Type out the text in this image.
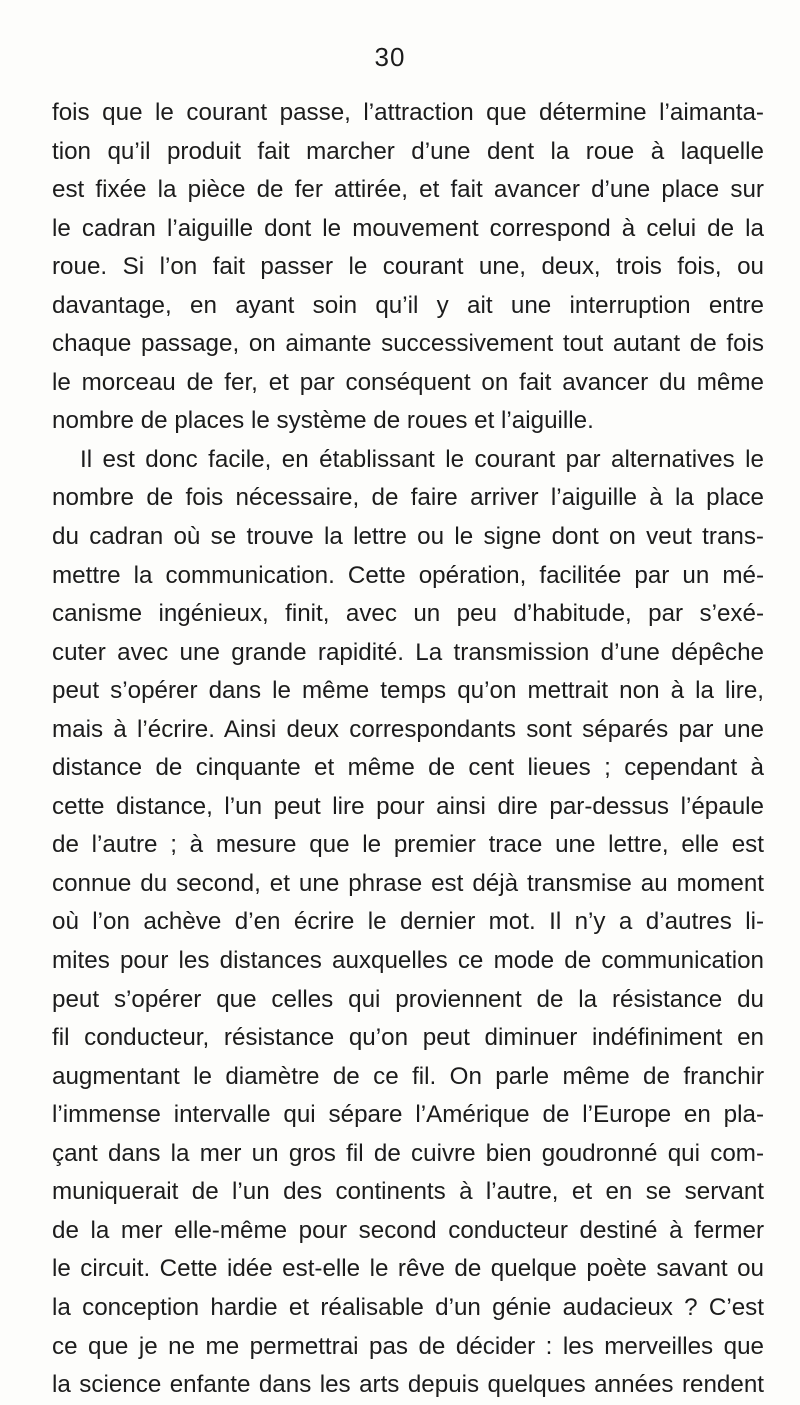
30
fois que le courant passe, l’attraction que détermine l’aimanta-
tion qu’il produit fait marcher d’une dent la roue à laquelle
est fixée la pièce de fer attirée, et fait avancer d’une place sur
le cadran l’aiguille dont le mouvement correspond à celui de la
roue. Si l’on fait passer le courant une, deux, trois fois, ou
davantage, en ayant soin qu’il y ait une interruption entre
chaque passage, on aimante successivement tout autant de fois
le morceau de fer, et par conséquent on fait avancer du même
nombre de places le système de roues et l’aiguille.
Il est donc facile, en établissant le courant par alternatives le
nombre de fois nécessaire, de faire arriver l’aiguille à la place
du cadran où se trouve la lettre ou le signe dont on veut trans-
mettre la communication. Cette opération, facilitée par un mé-
canisme ingénieux, finit, avec un peu d’habitude, par s’exé-
cuter avec une grande rapidité. La transmission d’une dépêche
peut s’opérer dans le même temps qu’on mettrait non à la lire,
mais à l’écrire. Ainsi deux correspondants sont séparés par une
distance de cinquante et même de cent lieues ; cependant à
cette distance, l’un peut lire pour ainsi dire par-dessus l’épaule
de l’autre ; à mesure que le premier trace une lettre, elle est
connue du second, et une phrase est déjà transmise au moment
où l’on achève d’en écrire le dernier mot. Il n’y a d’autres li-
mites pour les distances auxquelles ce mode de communication
peut s’opérer que celles qui proviennent de la résistance du
fil conducteur, résistance qu’on peut diminuer indéfiniment en
augmentant le diamètre de ce fil. On parle même de franchir
l’immense intervalle qui sépare l’Amérique de l’Europe en pla-
çant dans la mer un gros fil de cuivre bien goudronné qui com-
muniquerait de l’un des continents à l’autre, et en se servant
de la mer elle-même pour second conducteur destiné à fermer
le circuit. Cette idée est-elle le rêve de quelque poète savant ou
la conception hardie et réalisable d’un génie audacieux ? C’est
ce que je ne me permettrai pas de décider : les merveilles que
la science enfante dans les arts depuis quelques années rendent
